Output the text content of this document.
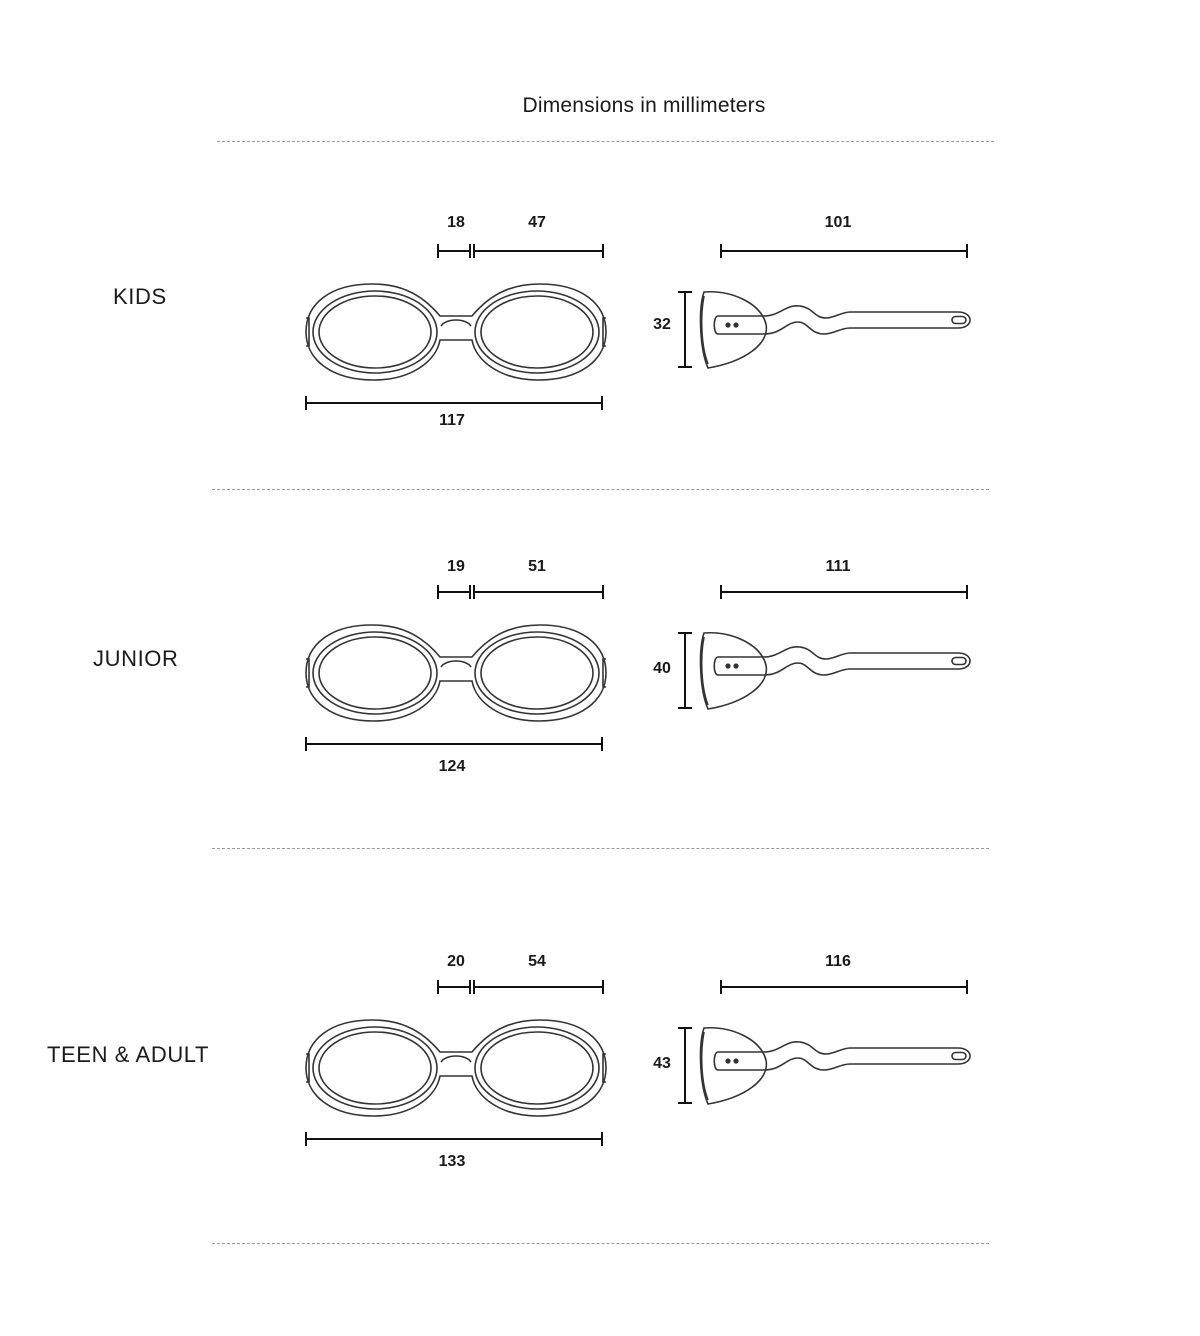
Dimensions in millimeters
KIDS
18	47
117
101
32
JUNIOR
19	51
124
111
40
TEEN & ADULT
20	54
133
116
43
